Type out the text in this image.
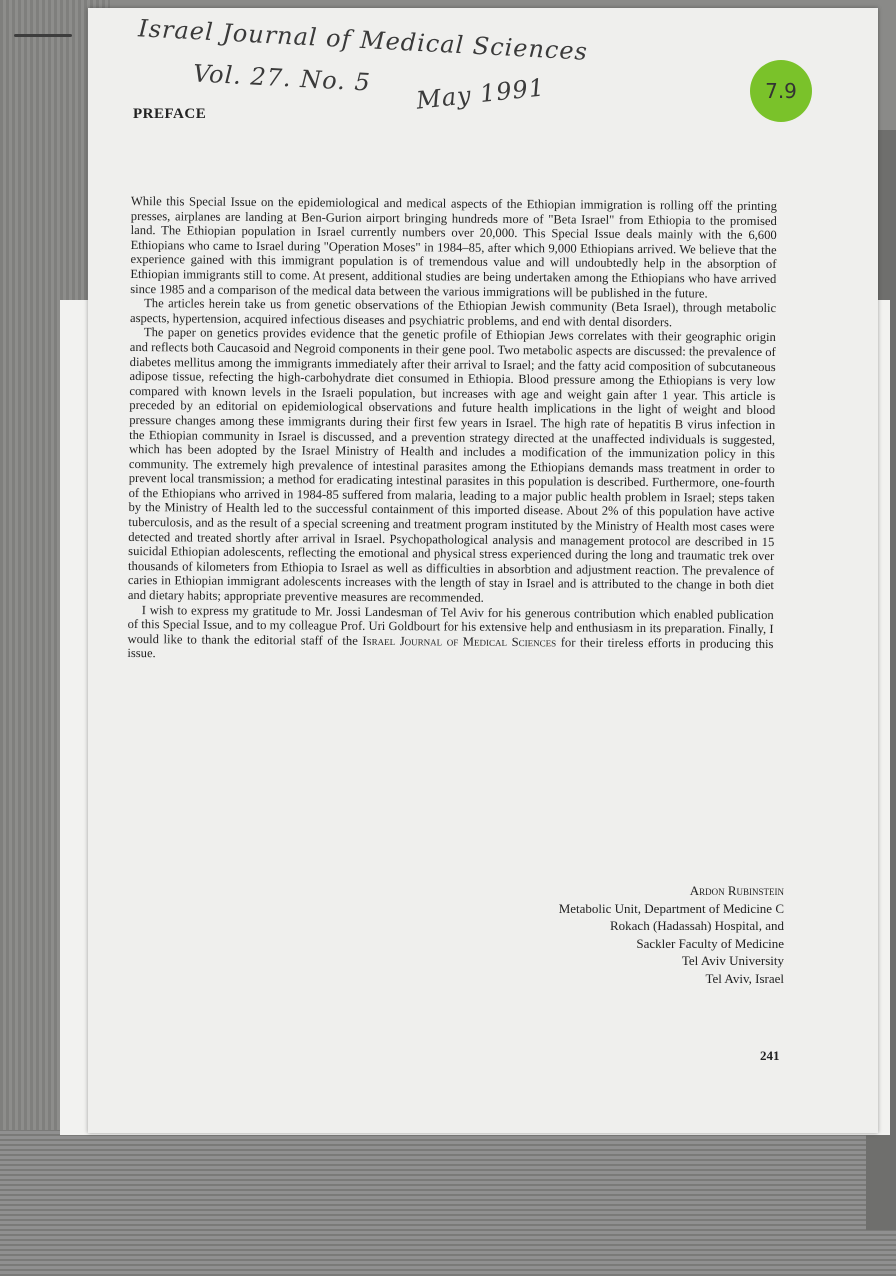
Israel Journal of Medical Sciences
Vol. 27. No. 5 May 1991	7.9
PREFACE

While this Special Issue on the epidemiological and medical aspects of the Ethiopian immigration is rolling off the printing presses, airplanes are landing at Ben-Gurion airport bringing hundreds more of "Beta Israel" from Ethiopia to the promised land. The Ethiopian population in Israel currently numbers over 20,000. This Special Issue deals mainly with the 6,600 Ethiopians who came to Israel during "Operation Moses" in 1984–85, after which 9,000 Ethiopians arrived. We believe that the experience gained with this immigrant population is of tremendous value and will undoubtedly help in the absorption of Ethiopian immigrants still to come. At present, additional studies are being undertaken among the Ethiopians who have arrived since 1985 and a comparison of the medical data between the various immigrations will be published in the future.

The articles herein take us from genetic observations of the Ethiopian Jewish community (Beta Israel), through metabolic aspects, hypertension, acquired infectious diseases and psychiatric problems, and end with dental disorders.

The paper on genetics provides evidence that the genetic profile of Ethiopian Jews correlates with their geographic origin and reflects both Caucasoid and Negroid components in their gene pool. Two metabolic aspects are discussed: the prevalence of diabetes mellitus among the immigrants immediately after their arrival to Israel; and the fatty acid composition of subcutaneous adipose tissue, refecting the high-carbohydrate diet consumed in Ethiopia. Blood pressure among the Ethiopians is very low compared with known levels in the Israeli population, but increases with age and weight gain after 1 year. This article is preceded by an editorial on epidemiological observations and future health implications in the light of weight and blood pressure changes among these immigrants during their first few years in Israel. The high rate of hepatitis B virus infection in the Ethiopian community in Israel is discussed, and a prevention strategy directed at the unaffected individuals is suggested, which has been adopted by the Israel Ministry of Health and includes a modification of the immunization policy in this community. The extremely high prevalence of intestinal parasites among the Ethiopians demands mass treatment in order to prevent local transmission; a method for eradicating intestinal parasites in this population is described. Furthermore, one-fourth of the Ethiopians who arrived in 1984-85 suffered from malaria, leading to a major public health problem in Israel; steps taken by the Ministry of Health led to the successful containment of this imported disease. About 2% of this population have active tuberculosis, and as the result of a special screening and treatment program instituted by the Ministry of Health most cases were detected and treated shortly after arrival in Israel. Psychopathological analysis and management protocol are described in 15 suicidal Ethiopian adolescents, reflecting the emotional and physical stress experienced during the long and traumatic trek over thousands of kilometers from Ethiopia to Israel as well as difficulties in absorbtion and adjustment reaction. The prevalence of caries in Ethiopian immigrant adolescents increases with the length of stay in Israel and is attributed to the change in both diet and dietary habits; appropriate preventive measures are recommended.

I wish to express my gratitude to Mr. Jossi Landesman of Tel Aviv for his generous contribution which enabled publication of this Special Issue, and to my colleague Prof. Uri Goldbourt for his extensive help and enthusiasm in its preparation. Finally, I would like to thank the editorial staff of the Israel Journal of Medical Sciences for their tireless efforts in producing this issue.

Ardon Rubinstein
Metabolic Unit, Department of Medicine C
Rokach (Hadassah) Hospital, and
Sackler Faculty of Medicine
Tel Aviv University
Tel Aviv, Israel
241
